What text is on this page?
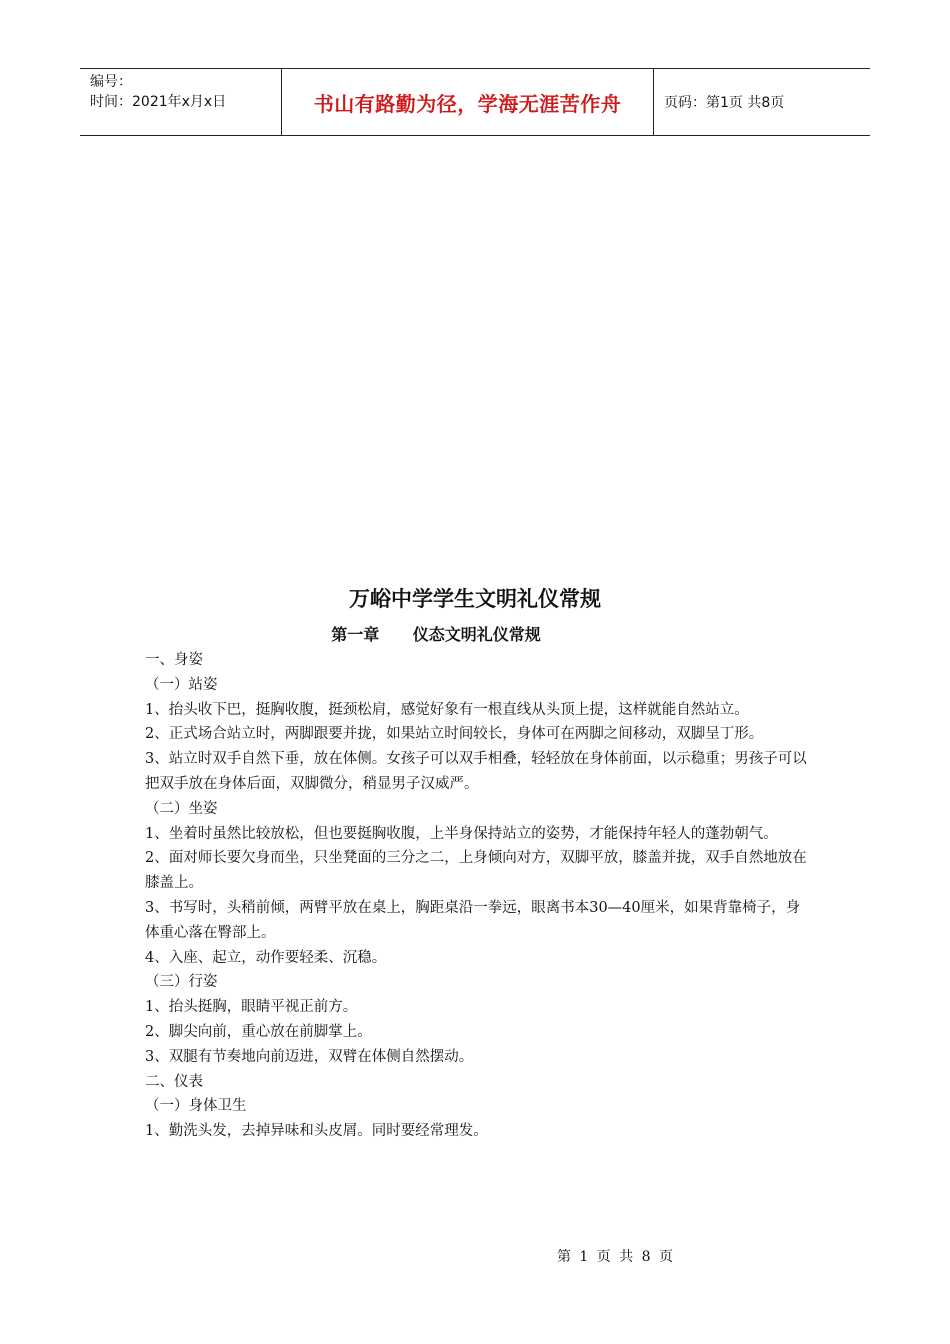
编号：
时间：2021年x月x日	书山有路勤为径，学海无涯苦作舟	页码：第1页 共8页
万峪中学学生文明礼仪常规
第一章      仪态文明礼仪常规

一、身姿

（一）站姿

1、抬头收下巴，挺胸收腹，挺颈松肩，感觉好象有一根直线从头顶上提，这样就能自然站立。

2、正式场合站立时，两脚跟要并拢，如果站立时间较长，身体可在两脚之间移动，双脚呈丁形。

3、站立时双手自然下垂，放在体侧。女孩子可以双手相叠，轻轻放在身体前面，以示稳重；男孩子可以把双手放在身体后面，双脚微分，稍显男子汉威严。

（二）坐姿

1、坐着时虽然比较放松，但也要挺胸收腹，上半身保持站立的姿势，才能保持年轻人的蓬勃朝气。

2、面对师长要欠身而坐，只坐凳面的三分之二，上身倾向对方，双脚平放，膝盖并拢，双手自然地放在膝盖上。

3、书写时，头稍前倾，两臂平放在桌上，胸距桌沿一拳远，眼离书本30—40厘米，如果背靠椅子，身体重心落在臀部上。

4、入座、起立，动作要轻柔、沉稳。

（三）行姿

1、抬头挺胸，眼睛平视正前方。

2、脚尖向前，重心放在前脚掌上。

3、双腿有节奏地向前迈进，双臂在体侧自然摆动。

二、仪表

（一）身体卫生

1、勤洗头发，去掉异味和头皮屑。同时要经常理发。

第 1 页 共 8 页
